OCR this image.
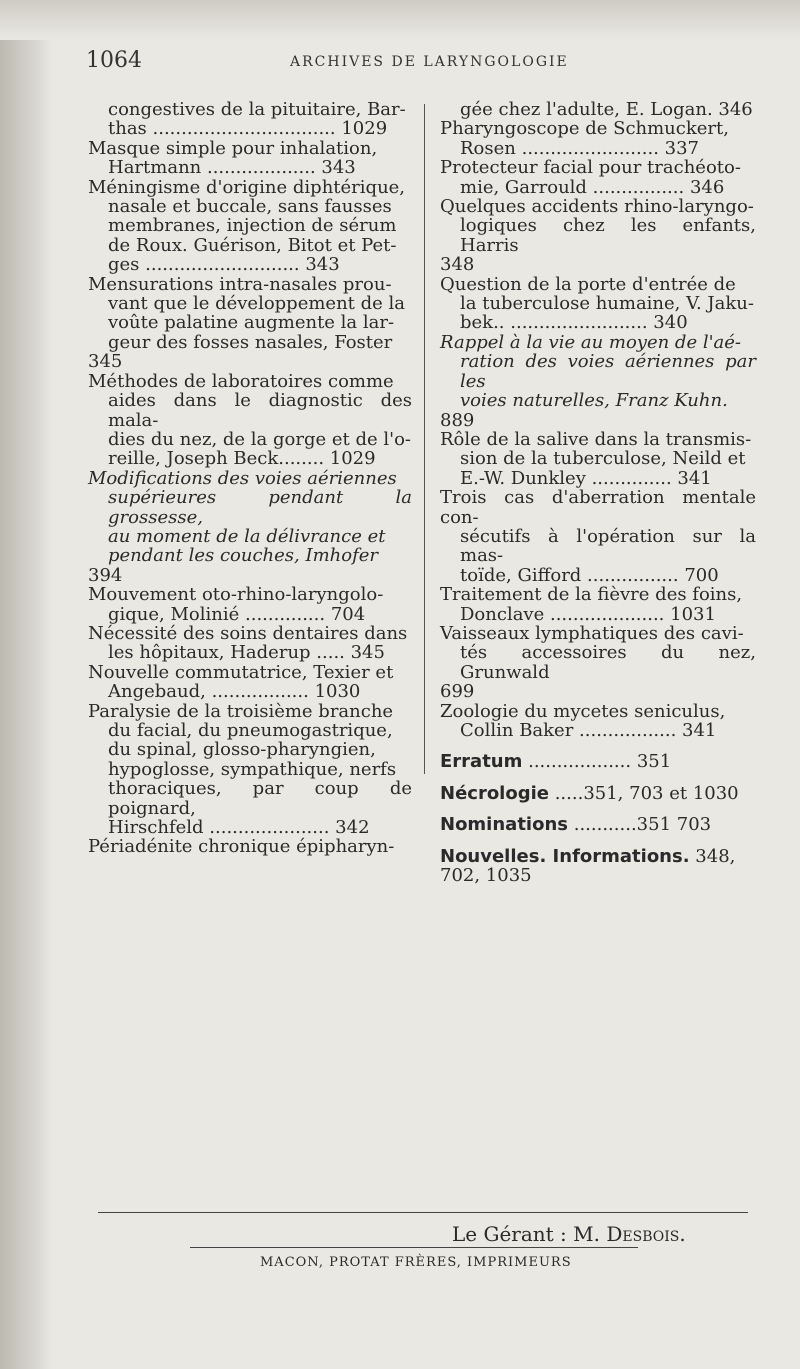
1064	ARCHIVES DE LARYNGOLOGIE
congestives de la pituitaire, Bar-
thas ................................ 1029
Masque simple pour inhalation,
Hartmann ................... 343
Méningisme d'origine diphtérique,
nasale et buccale, sans fausses
membranes, injection de sérum
de Roux. Guérison, Bitot et Pet-
ges ........................... 343
Mensurations intra-nasales prou-
vant que le développement de la
voûte palatine augmente la lar-
geur des fosses nasales, Foster
345
Méthodes de laboratoires comme
aides dans le diagnostic des mala-
dies du nez, de la gorge et de l'o-
reille, Joseph Beck........ 1029
Modifications des voies aériennes
supérieures pendant la grossesse,
au moment de la délivrance et
pendant les couches, Imhofer
394
Mouvement oto-rhino-laryngolo-
gique, Molinié .............. 704
Nécessité des soins dentaires dans
les hôpitaux, Haderup ..... 345
Nouvelle commutatrice, Texier et
Angebaud, ................. 1030
Paralysie de la troisième branche
du facial, du pneumogastrique,
du spinal, glosso-pharyngien,
hypoglosse, sympathique, nerfs
thoraciques, par coup de poignard,
Hirschfeld ..................... 342
Périadénite chronique épipharyn-
gée chez l'adulte, E. Logan. 346
Pharyngoscope de Schmuckert,
Rosen ........................ 337
Protecteur facial pour trachéoto-
mie, Garrould ................ 346
Quelques accidents rhino-laryngo-
logiques chez les enfants, Harris
348
Question de la porte d'entrée de
la tuberculose humaine, V. Jaku-
bek.. ........................ 340
Rappel à la vie au moyen de l'aé-
ration des voies aériennes par les
voies naturelles, Franz Kuhn.
889
Rôle de la salive dans la transmis-
sion de la tuberculose, Neild et
E.-W. Dunkley .............. 341
Trois cas d'aberration mentale con-
sécutifs à l'opération sur la mas-
toïde, Gifford ................ 700
Traitement de la fièvre des foins,
Donclave .................... 1031
Vaisseaux lymphatiques des cavi-
tés accessoires du nez, Grunwald
699
Zoologie du mycetes seniculus,
Collin Baker ................. 341
Erratum .................. 351
Nécrologie .....351, 703 et 1030
Nominations ...........351 703
Nouvelles. Informations. 348,
702, 1035
Le Gérant : M. Desbois.
MACON, PROTAT FRÈRES, IMPRIMEURS
